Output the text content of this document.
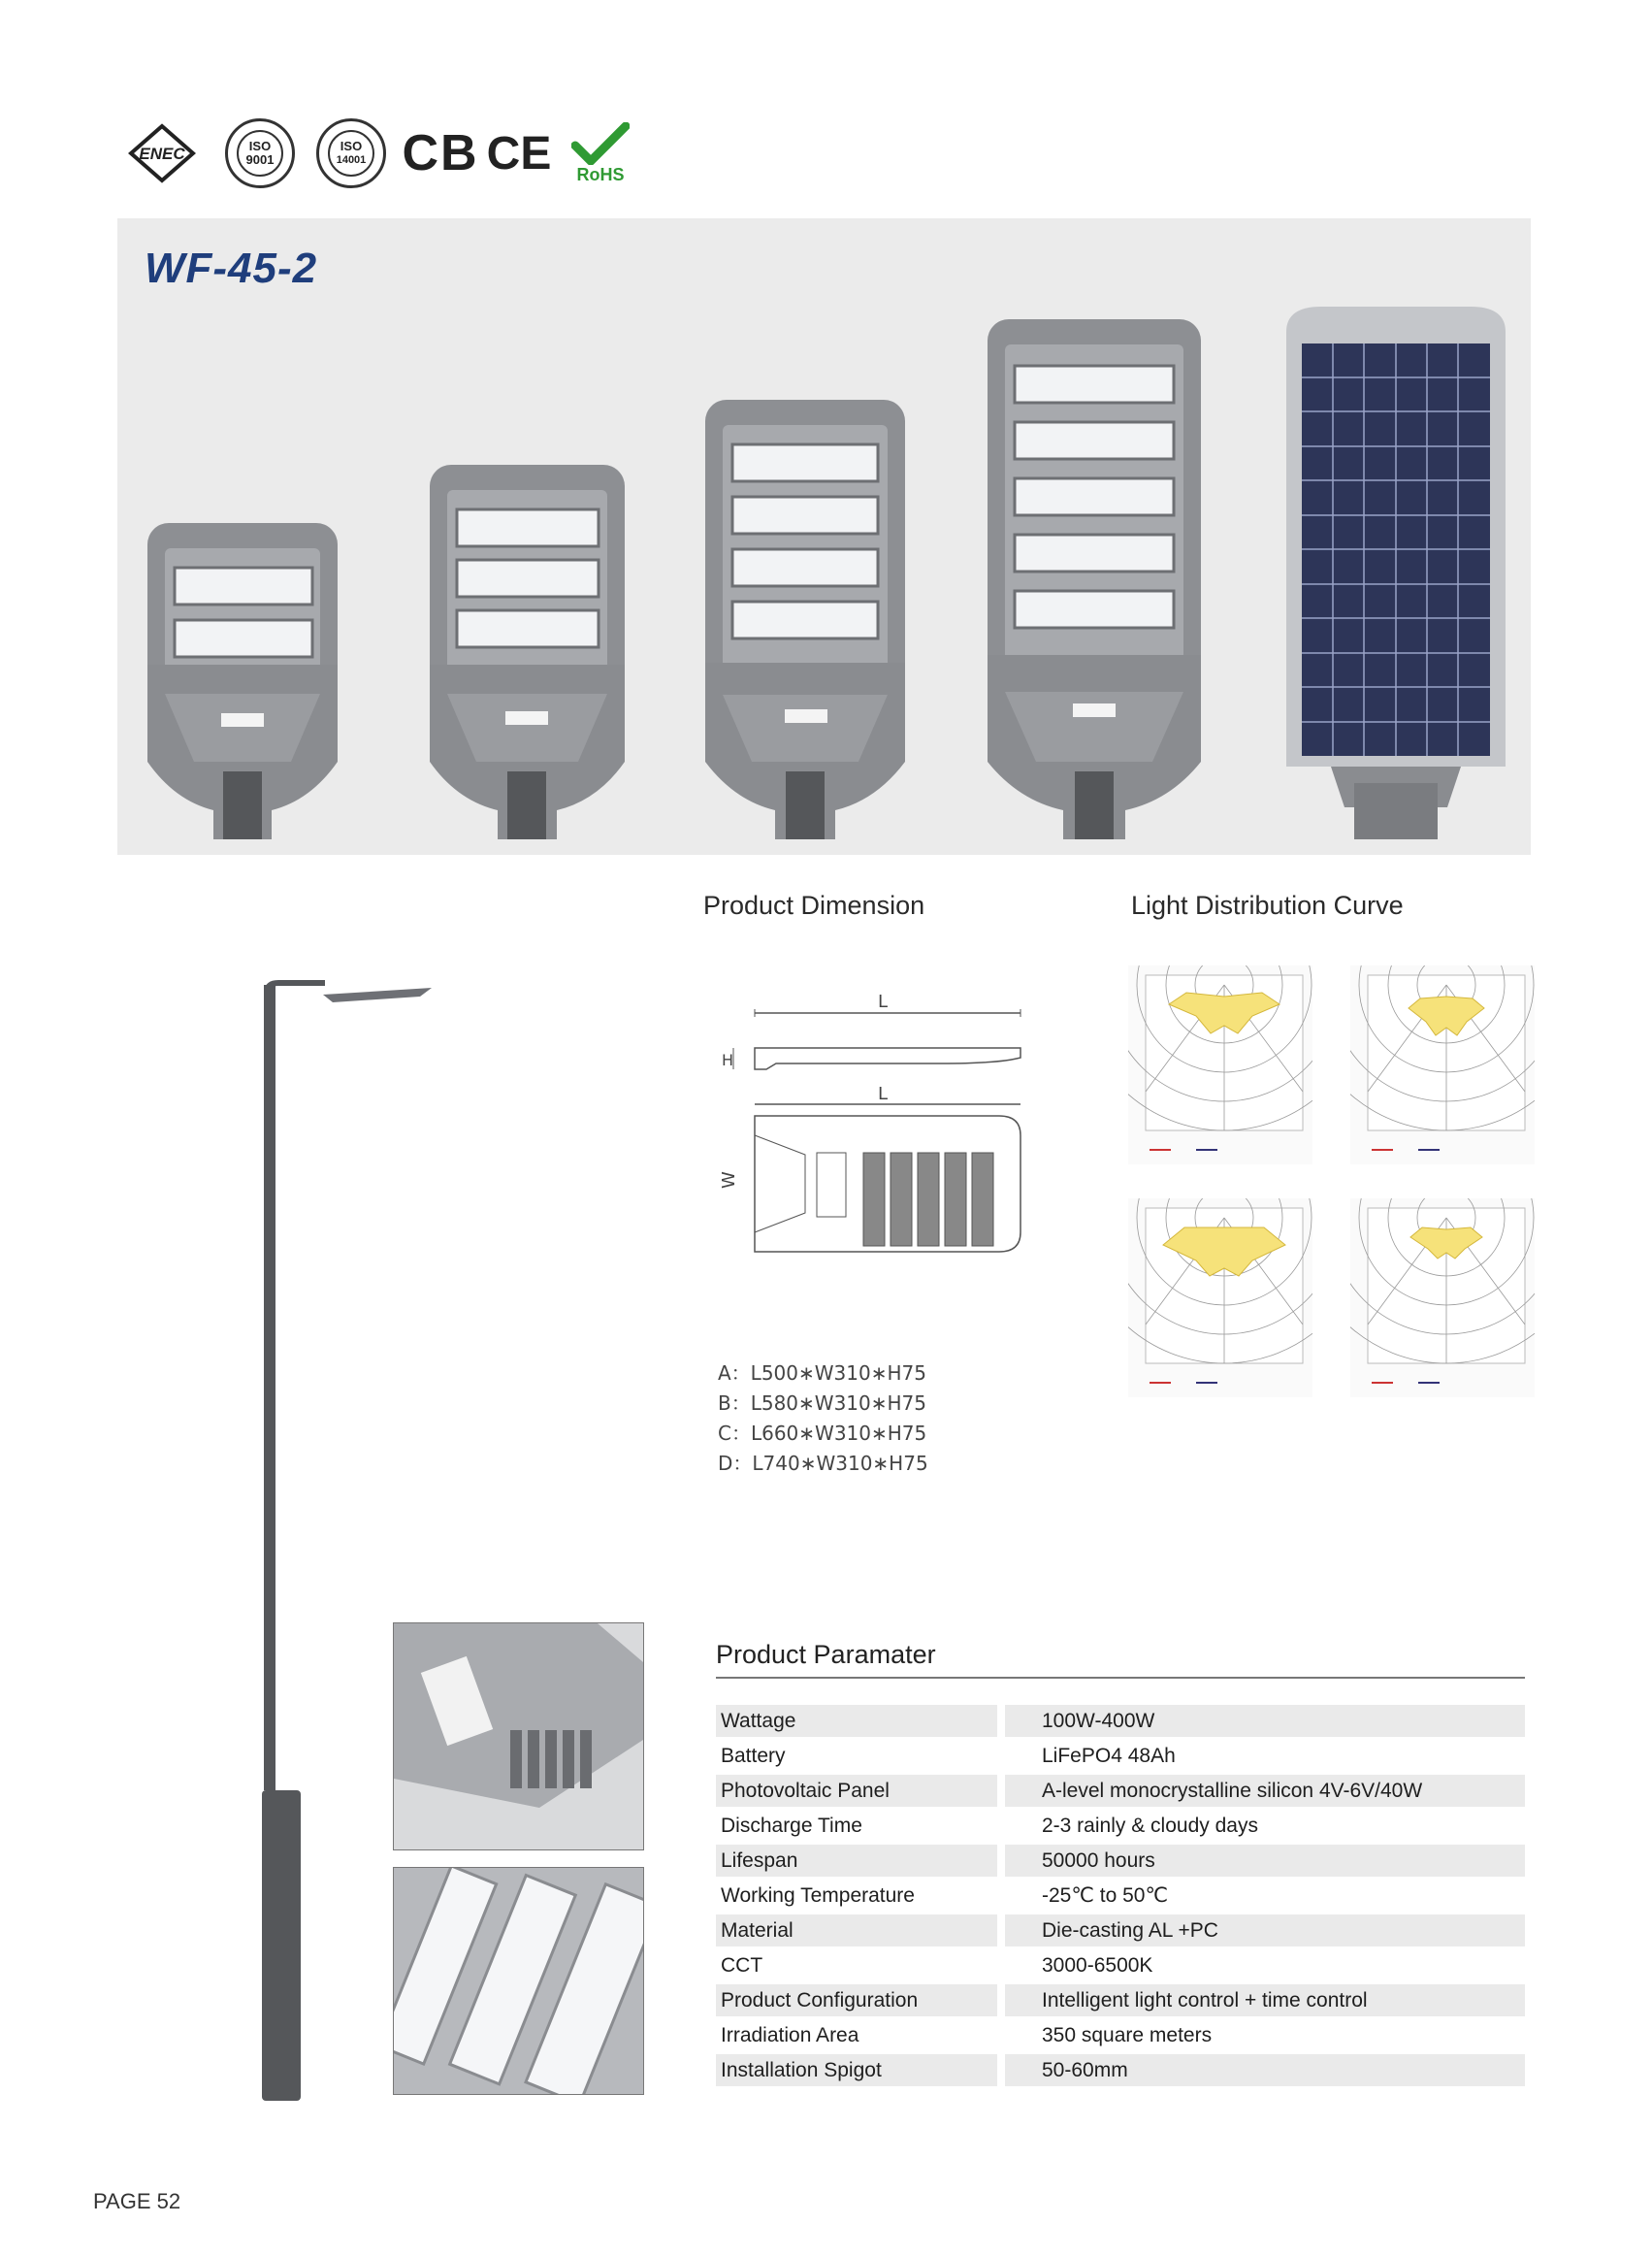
ENEC	ISO
9001
ISO
14001 CB CE RoHS
WF-45-2
Product Dimension	Light Distribution Curve
L
H
L
W
A：L500∗W310∗H75
B：L580∗W310∗H75
C：L660∗W310∗H75
D：L740∗W310∗H75
Product Paramater
Wattage	100W-400W
Battery	LiFePO4 48Ah
Photovoltaic Panel	A-level monocrystalline silicon 4V-6V/40W
Discharge Time	2-3 rainly & cloudy days
Lifespan	50000 hours
Working Temperature	-25℃ to 50℃
Material	Die-casting AL +PC
CCT	3000-6500K
Product Configuration	Intelligent light control + time control
Irradiation Area	350 square meters
Installation Spigot	50-60mm
PAGE 52
